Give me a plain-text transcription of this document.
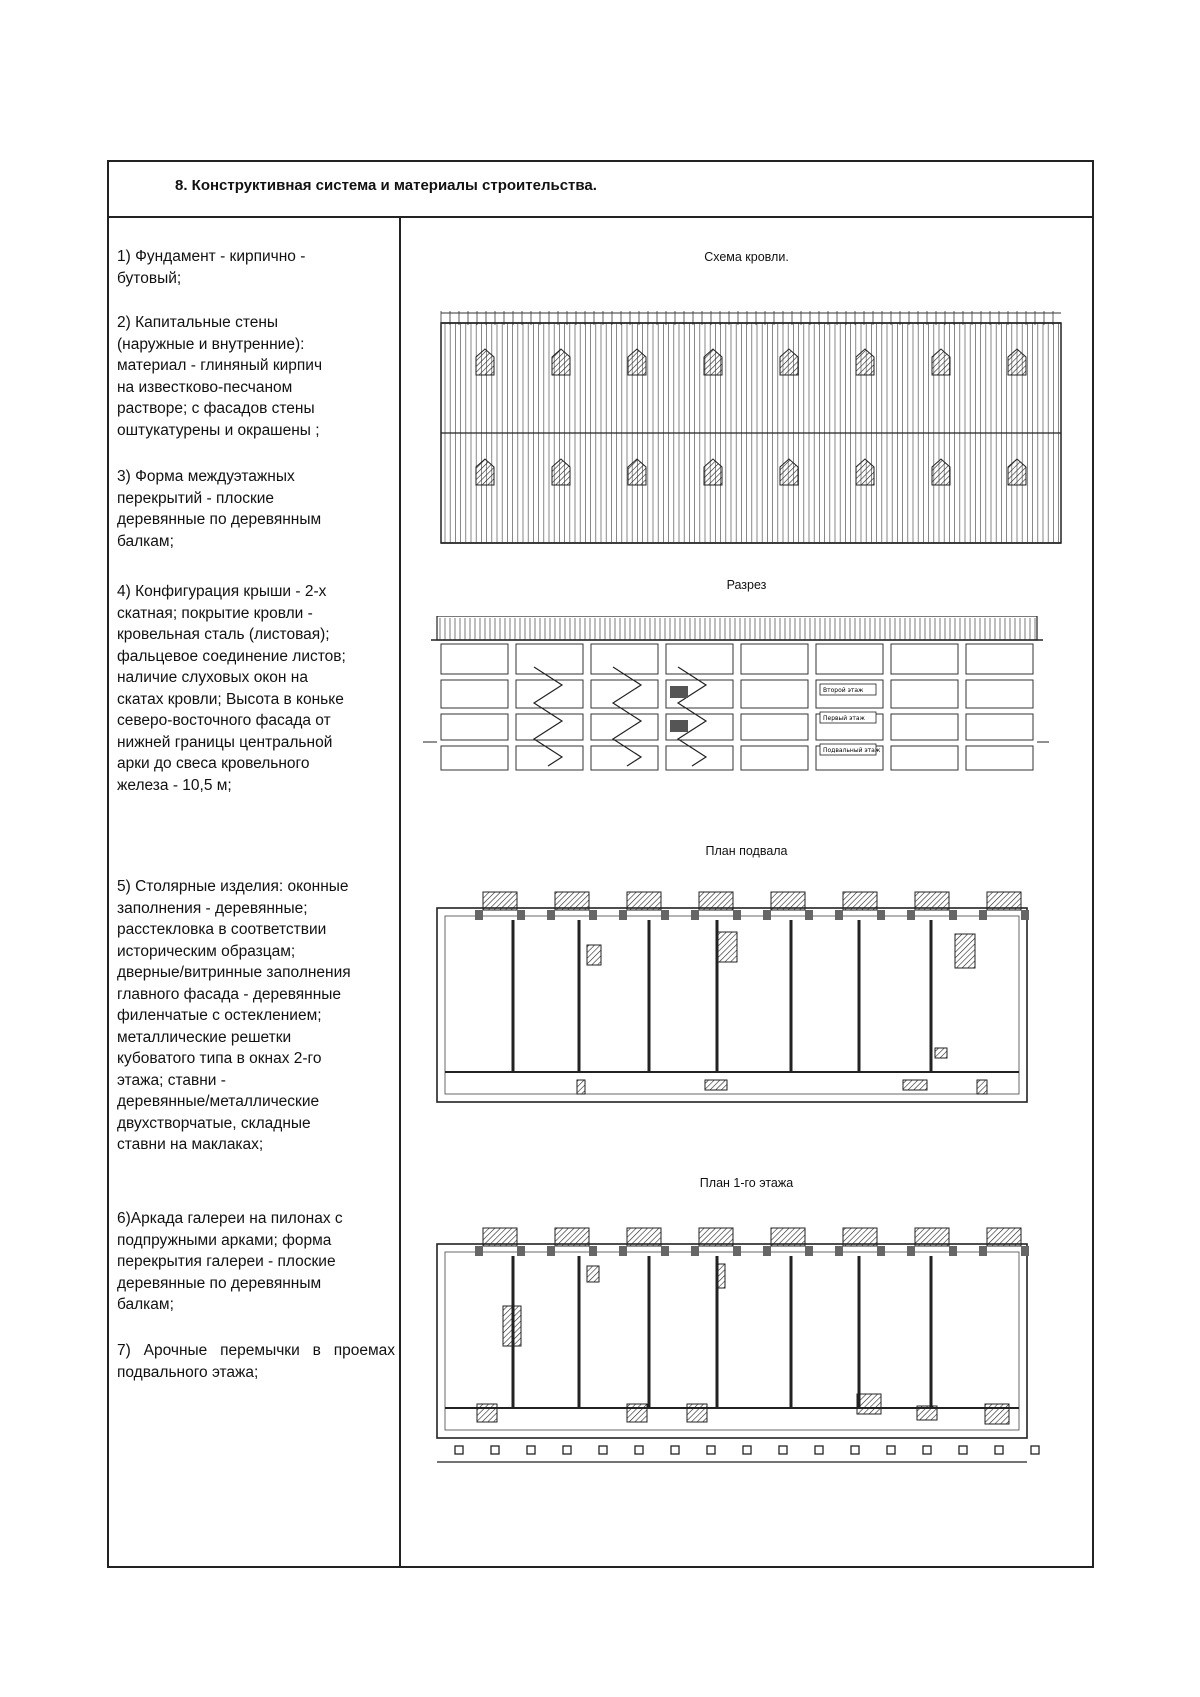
8. Конструктивная система и материалы строительства.
1) Фундамент - кирпично -
бутовый;
2) Капитальные стены
(наружные и внутренние):
материал - глиняный кирпич
на известково-песчаном
растворе; с фасадов стены
оштукатурены и окрашены ;
3) Форма междуэтажных
перекрытий - плоские
деревянные по деревянным
балкам;
4) Конфигурация крыши - 2-х
скатная; покрытие кровли -
кровельная сталь (листовая);
фальцевое соединение листов;
наличие слуховых окон на
скатах кровли; Высота в коньке
северо-восточного фасада от
нижней границы центральной
арки до свеса кровельного
железа - 10,5 м;
5) Столярные изделия: оконные
заполнения - деревянные;
расстекловка в соответствии
историческим образцам;
дверные/витринные заполнения
главного фасада - деревянные
филенчатые с остеклением;
металлические решетки
кубоватого типа в окнах 2-го
этажа; ставни -
деревянные/металлические
двухстворчатые, складные
ставни на маклаках;
6)Аркада галереи на пилонах с
подпружными арками; форма
перекрытия галереи - плоские
деревянные по деревянным
балкам;
7) Арочные перемычки в проемах подвального этажа;
Схема кровли.
Разрез
Второй этаж
Первый этаж
Подвальный этаж
План подвала
План 1-го этажа
